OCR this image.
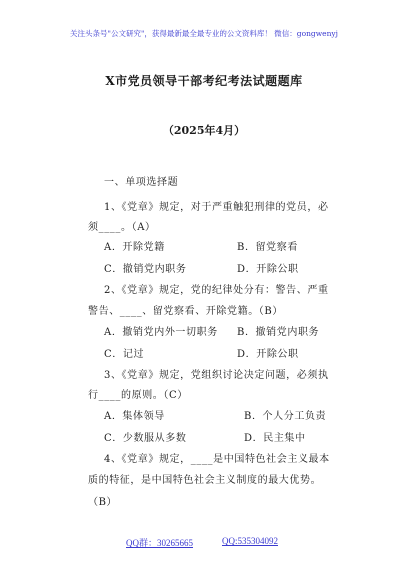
关注头条号"公文研究"，获得最新最全最专业的公文资料库！ 微信：gongwenyj
X市党员领导干部考纪考法试题题库
（2025年4月）
一、单项选择题
1、《党章》规定，对于严重触犯刑律的党员，必
须____。（A）
A．开除党籍	B．留党察看
C．撤销党内职务	D．开除公职
2、《党章》规定，党的纪律处分有：警告、严重
警告、____、留党察看、开除党籍。（B）
A．撤销党内外一切职务 B．撤销党内职务
C．记过	D．开除公职
3、《党章》规定，党组织讨论决定问题，必须执
行____的原则。（C）
A．集体领导	B．个人分工负责
C．少数服从多数	D．民主集中
4、《党章》规定，____是中国特色社会主义最本
质的特征，是中国特色社会主义制度的最大优势。
（B）
QQ群：30265665	QQ:535304092
